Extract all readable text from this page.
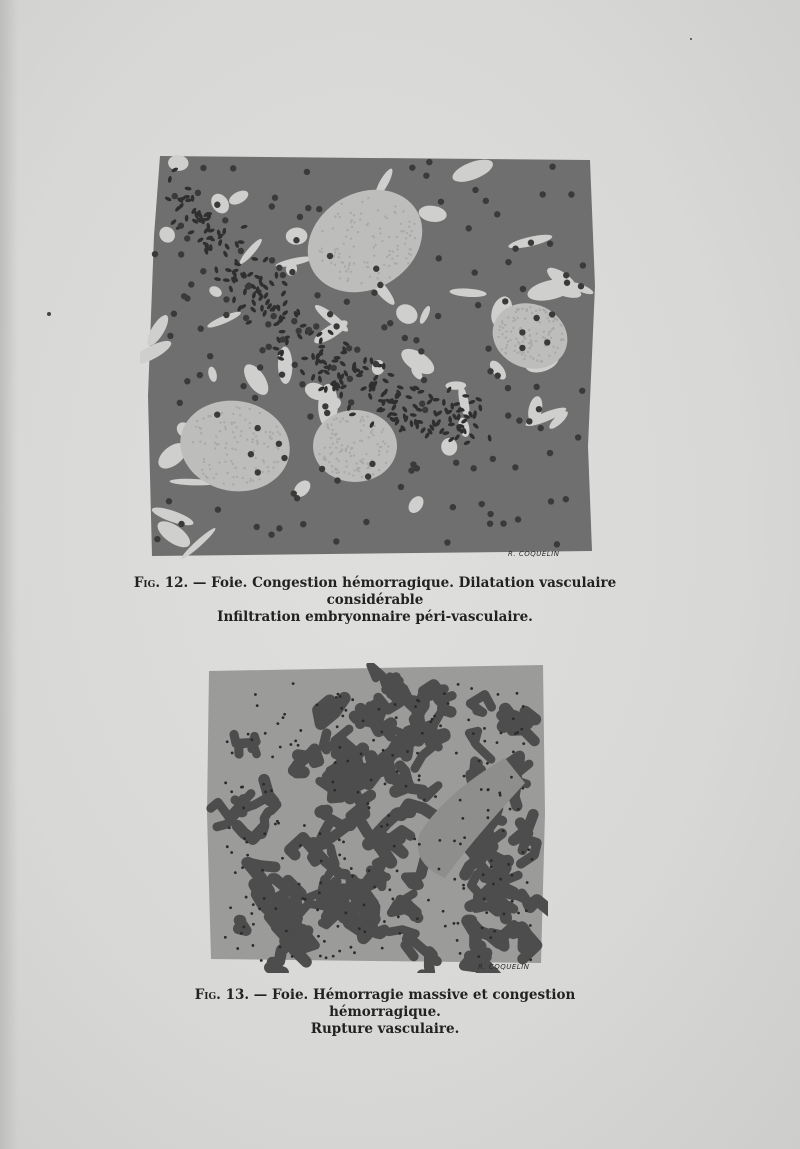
R. COQUELIN
Fig. 12. — Foie. Congestion hémorragique. Dilatation vasculaire considérable
Infiltration embryonnaire péri-vasculaire.
R. COQUELIN
Fig. 13. — Foie. Hémorragie massive et congestion hémorragique.
Rupture vasculaire.
